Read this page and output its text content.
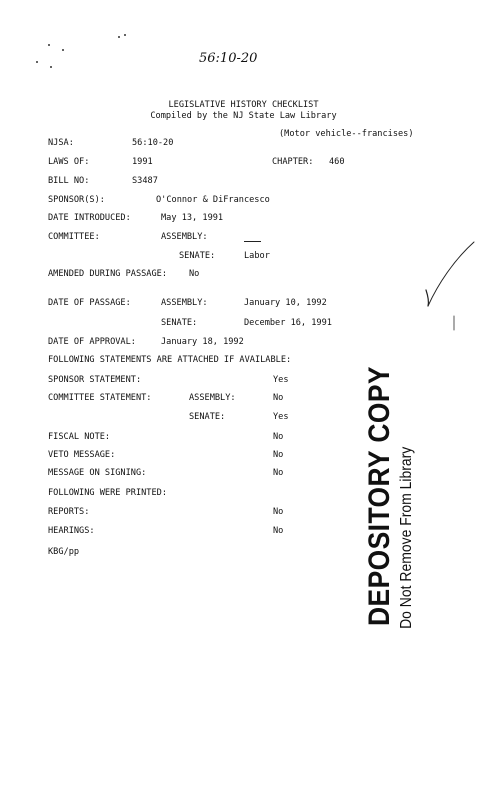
56:10-20
LEGISLATIVE HISTORY CHECKLIST
Compiled by the NJ State Law Library
(Motor vehicle--francises)
NJSA:	56:10-20
LAWS OF:	1991	CHAPTER: 460
BILL NO:	S3487
SPONSOR(S):	O'Connor & DiFrancesco
DATE INTRODUCED:	May 13, 1991
COMMITTEE:	ASSEMBLY:
SENATE:	Labor
AMENDED DURING PASSAGE:	No
DATE OF PASSAGE:	ASSEMBLY:	January 10, 1992
SENATE:	December 16, 1991
DATE OF APPROVAL:	January 18, 1992
FOLLOWING STATEMENTS ARE ATTACHED IF AVAILABLE:
SPONSOR STATEMENT:	Yes
COMMITTEE STATEMENT:	ASSEMBLY:	No
SENATE:	Yes
FISCAL NOTE:	No
VETO MESSAGE:	No
MESSAGE ON SIGNING:	No
FOLLOWING WERE PRINTED:
REPORTS:	No
HEARINGS:	No
KBG/pp	DEPOSITORY COPY Do Not Remove From Library
